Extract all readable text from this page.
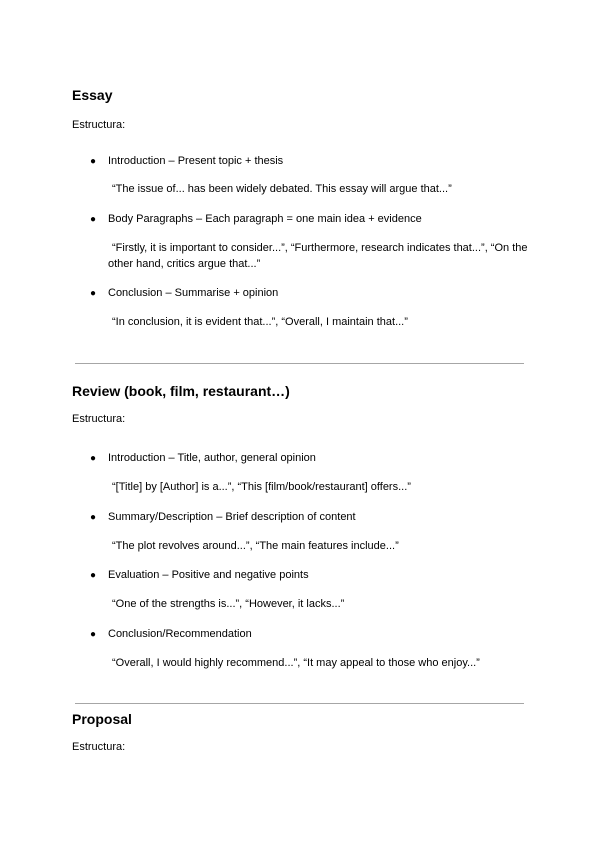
Essay
Estructura:
●	Introduction – Present topic + thesis
“The issue of... has been widely debated. This essay will argue that...”
●	Body Paragraphs – Each paragraph = one main idea + evidence
“Firstly, it is important to consider...”, “Furthermore, research indicates that...”, “On the other hand, critics argue that...”
●	Conclusion – Summarise + opinion
“In conclusion, it is evident that...”, “Overall, I maintain that...”
Review (book, film, restaurant…)
Estructura:
●	Introduction – Title, author, general opinion
“[Title] by [Author] is a...”, “This [film/book/restaurant] offers...”
●	Summary/Description – Brief description of content
“The plot revolves around...”, “The main features include...”
●	Evaluation – Positive and negative points
“One of the strengths is...”, “However, it lacks...”
●	Conclusion/Recommendation
“Overall, I would highly recommend...”, “It may appeal to those who enjoy...”
Proposal
Estructura:
